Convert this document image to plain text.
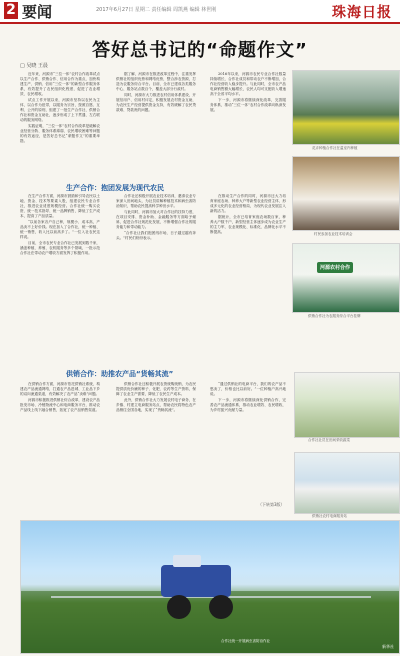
2 要闻	2017年6月27日 星期二 责任编辑 周凯燕 编辑 林世刚	珠海日报
答好总书记的“命题作文”
□ 吴晓 王晨

近年来，河源市“三位一体”农村合作改革试点以生产合作、供销合作、信用合作为重点，加快构建生产、供销、信用“三位一体”的新型合作服务体系，有效提升了农民组织化程度，促进了农业增效、农民增收。

试点工作开展以来，河源市坚持以农民为主体，以合作为纽带，以服务为宗旨，按照自愿、互利、公开的原则，组建了一批生产合作社、供销合作社和资金互助社，逐步形成了上下贯通、左右联动的服务网络。

实践证明，“三位一体”农村合作改革是破解农业经营分散、服务体系薄弱、农民增收困难等问题的有效途径，是答好总书记“命题作文”的重要举措。

据了解，河源市在推进改革过程中，注重发挥供销社的组织优势和网络优势，整合涉农资源，打造为农服务综合平台。目前，全市已建成各类服务中心、服务站点数百个，覆盖大部分行政村。

同时，河源市大力推进农村信用体系建设，开展信用户、信用村评定，积极发展农村资金互助，为农民生产经营提供资金支持，有效缓解了农民贷款难、贷款贵的问题。

2016年以来，河源市农民专业合作社数量持续增长，合作社成员和带动农户不断增加，合作社经营收入稳步提升。与此同时，全市农产品电商销售额大幅增长，农民人均可支配收入增速高于全省平均水平。

下一步，河源市将继续深化改革，完善服务体系，推动“三位一体”农村合作改革向纵深发展。

花卉种植合作社在温室内种植
村民参加农业技术培训会
河源农村合作
供销合作社为农服务综合平台挂牌
生产合作：抱团发展为现代农民

在生产合作方面，河源市鼓励和引导农民以土地、资金、技术等要素入股，组建农民专业合作社，推进农业适度规模经营。合作社统一购买农资、统一技术指导、统一品牌销售，降低了生产成本，提高了产品质量。

“以前各家各户自己种，规模小、成本高，产品卖不上好价钱。现在加入了合作社，统一种植、统一销售，收入比以前高多了。”一位入社农民这样说。

目前，全市农民专业合作社已发展到数千家，涵盖种植、养殖、农机服务等多个领域，一批示范合作社在带动农户增收方面发挥了积极作用。

合作社还积极开展农业技术培训，邀请农业专家深入田间地头，为社员讲解种植技术和病虫害防治知识，帮助农民提高科学种田水平。

与此同时，河源市加大对合作社的扶持力度，在项目安排、资金补助、金融服务等方面给予倾斜，促进合作社规范化发展，不断增强合作社的服务能力和带动能力。

“合作社让我们抱团闯市场，日子越过越有奔头。”村民们纷纷表示。

在推动生产合作的同时，河源市还大力培育家庭农场、种养大户等新型农业经营主体，形成多元化的农业经营格局，为现代农业发展注入新的活力。

据统计，全市已培育家庭农场数百家，种养大户数千户，新型经营主体逐步成为农业生产的主力军，农业规模化、标准化、品牌化水平不断提高。

供销合作：助推农产品“货畅其流”

在供销合作方面，河源市依托供销社系统，构建农产品流通网络，打通农产品进城、工业品下乡的双向流通渠道，有效解决了农产品“卖难”问题。

河源市积极推进供销社综合改革，建设农产品批发市场、冷链物流中心和电商服务平台，推动农产品线上线下融合销售，拓宽了农产品销售渠道。

供销合作社还积极开展农资统购统销，为农民提供质优价廉的种子、化肥、农药等生产资料，保障了农业生产需要，降低了农民生产成本。

此外，供销合作社大力发展农村电子商务，在乡镇、村建立电商服务站点，帮助农民将特色农产品销往全国各地，实现了“货畅其流”。

“通过供销社的电商平台，我们的农产品不愁卖了，价格也比以前好。”一位种植户高兴地说。

下一步，河源市将继续深化供销合作，完善农产品流通体系，推动农业增效、农民增收，为乡村振兴贡献力量。

（下转第3版）
合作社社员在田间采收蔬菜
供销社农村电商服务站
新华社
合作社统一开展病虫害防治作业
